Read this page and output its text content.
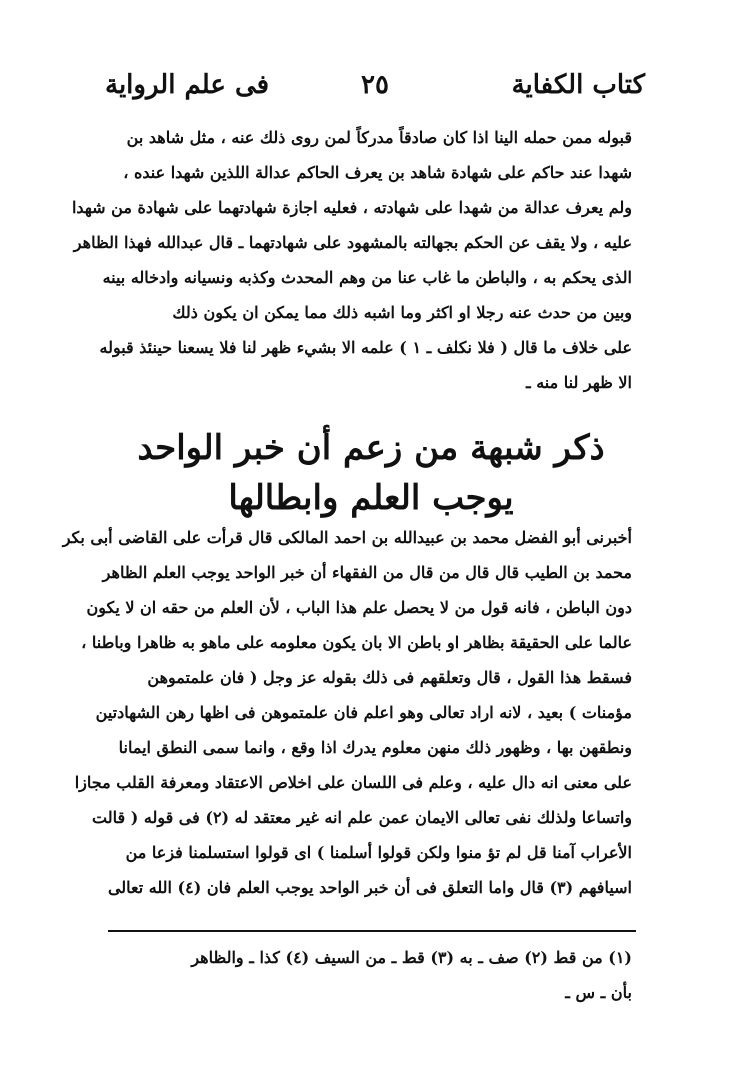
كتاب الكفاية
٢٥
فى علم الرواية
قبوله ممن حمله الينا اذا كان صادقاً مدركاً لمن روى ذلك عنه ، مثل شاهد بن
شهدا عند حاكم على شهادة شاهد بن يعرف الحاكم عدالة اللذين شهدا عنده ،
ولم يعرف عدالة من شهدا على شهادته ، فعليه اجازة شهادتهما على شهادة من شهدا
عليه ، ولا يقف عن الحكم بجهالته بالمشهود على شهادتهما ـ قال عبدالله فهذا الظاهر
الذى يحكم به ، والباطن ما غاب عنا من وهم المحدث وكذبه ونسيانه وادخاله بينه
وبين من حدث عنه رجلا او اكثر وما اشبه ذلك مما يمكن ان يكون ذلك
على خلاف ما قال ( فلا نكلف ـ ١ ) علمه الا بشيء ظهر لنا فلا يسعنا حينئذ قبوله
الا ظهر لنا منه ـ
ذكر شبهة من زعم أن خبر الواحد
يوجب العلم وابطالها
أخبرنى أبو الفضل محمد بن عبيدالله بن احمد المالكى قال قرأت على القاضى أبى بكر
محمد بن الطيب قال قال من قال من الفقهاء أن خبر الواحد يوجب العلم الظاهر
دون الباطن ، فانه قول من لا يحصل علم هذا الباب ، لأن العلم من حقه ان لا يكون
عالما على الحقيقة بظاهر او باطن الا بان يكون معلومه على ماهو به ظاهرا وباطنا ،
فسقط هذا القول ، قال وتعلقهم فى ذلك بقوله عز وجل ( فان علمتموهن
مؤمنات ) بعيد ، لانه اراد تعالى وهو اعلم فان علمتموهن فى اظها رهن الشهادتين
ونطقهن بها ، وظهور ذلك منهن معلوم يدرك اذا وقع ، وانما سمى النطق ايمانا
على معنى انه دال عليه ، وعلم فى اللسان على اخلاص الاعتقاد ومعرفة القلب مجازا
واتساعا ولذلك نفى تعالى الايمان عمن علم انه غير معتقد له (٢) فى قوله ( قالت
الأعراب آمنا قل لم تؤ منوا ولكن قولوا أسلمنا ) اى قولوا استسلمنا فزعا من
اسيافهم (٣) قال واما التعلق فى أن خبر الواحد يوجب العلم فان (٤) الله تعالى
(١) من قط (٢) صف ـ به (٣) قط ـ من السيف (٤) كذا ـ والظاهر
بأن ـ س ـ
